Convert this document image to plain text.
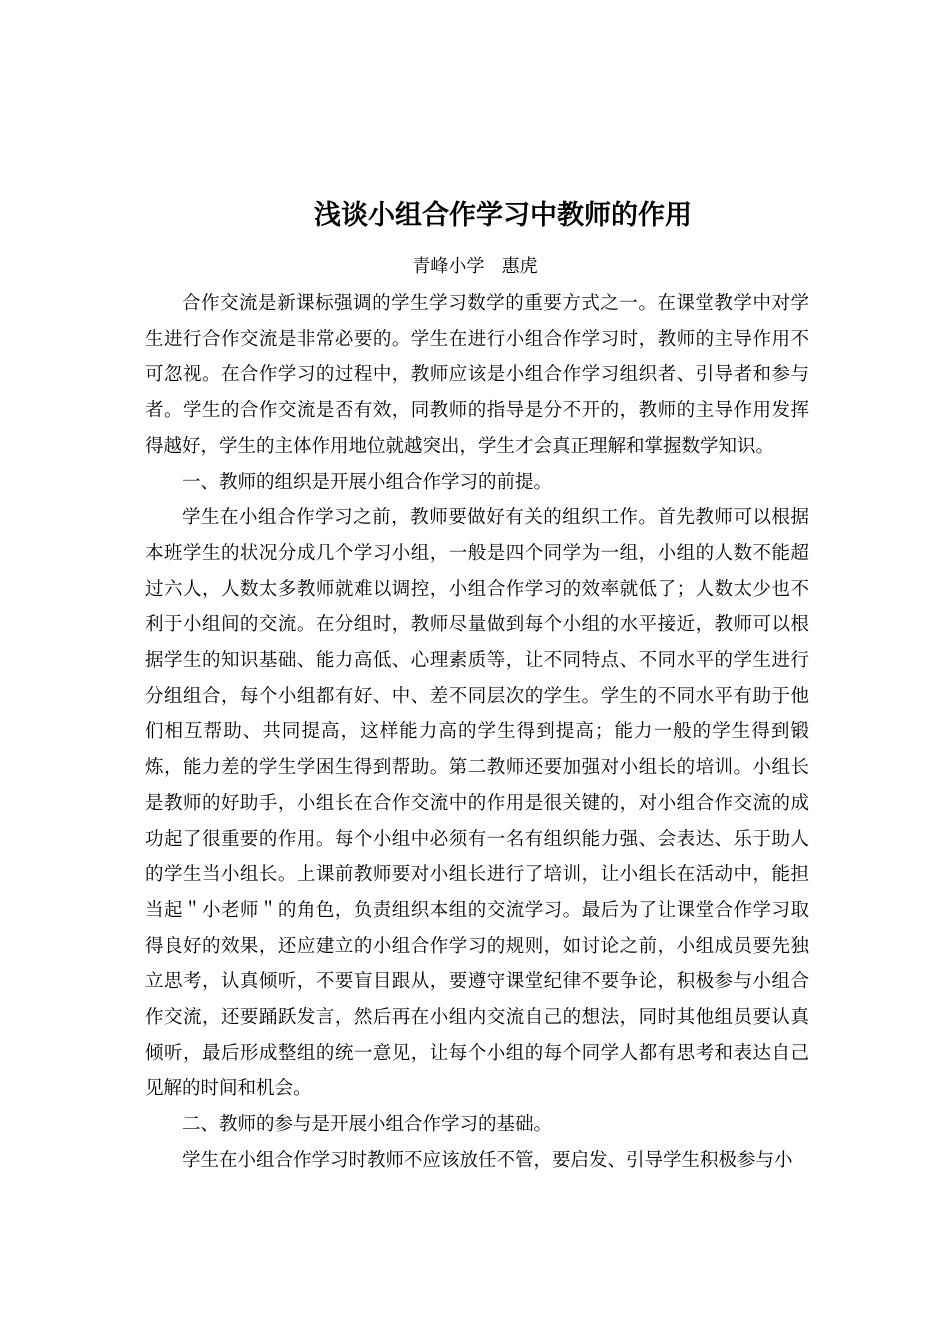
浅谈小组合作学习中教师的作用
青峰小学   惠虎

合作交流是新课标强调的学生学习数学的重要方式之一。在课堂教学中对学生进行合作交流是非常必要的。学生在进行小组合作学习时，教师的主导作用不可忽视。在合作学习的过程中，教师应该是小组合作学习组织者、引导者和参与者。学生的合作交流是否有效，同教师的指导是分不开的，教师的主导作用发挥得越好，学生的主体作用地位就越突出，学生才会真正理解和掌握数学知识。

一、教师的组织是开展小组合作学习的前提。

学生在小组合作学习之前，教师要做好有关的组织工作。首先教师可以根据本班学生的状况分成几个学习小组，一般是四个同学为一组，小组的人数不能超过六人，人数太多教师就难以调控，小组合作学习的效率就低了；人数太少也不利于小组间的交流。在分组时，教师尽量做到每个小组的水平接近，教师可以根据学生的知识基础、能力高低、心理素质等，让不同特点、不同水平的学生进行分组组合，每个小组都有好、中、差不同层次的学生。学生的不同水平有助于他们相互帮助、共同提高，这样能力高的学生得到提高；能力一般的学生得到锻炼，能力差的学生学困生得到帮助。第二教师还要加强对小组长的培训。小组长是教师的好助手，小组长在合作交流中的作用是很关键的，对小组合作交流的成功起了很重要的作用。每个小组中必须有一名有组织能力强、会表达、乐于助人的学生当小组长。上课前教师要对小组长进行了培训，让小组长在活动中，能担当起＂小老师＂的角色，负责组织本组的交流学习。最后为了让课堂合作学习取得良好的效果，还应建立的小组合作学习的规则，如讨论之前，小组成员要先独立思考，认真倾听，不要盲目跟从，要遵守课堂纪律不要争论，积极参与小组合作交流，还要踊跃发言，然后再在小组内交流自己的想法，同时其他组员要认真倾听，最后形成整组的统一意见，让每个小组的每个同学人都有思考和表达自己见解的时间和机会。

二、教师的参与是开展小组合作学习的基础。

学生在小组合作学习时教师不应该放任不管，要启发、引导学生积极参与小
